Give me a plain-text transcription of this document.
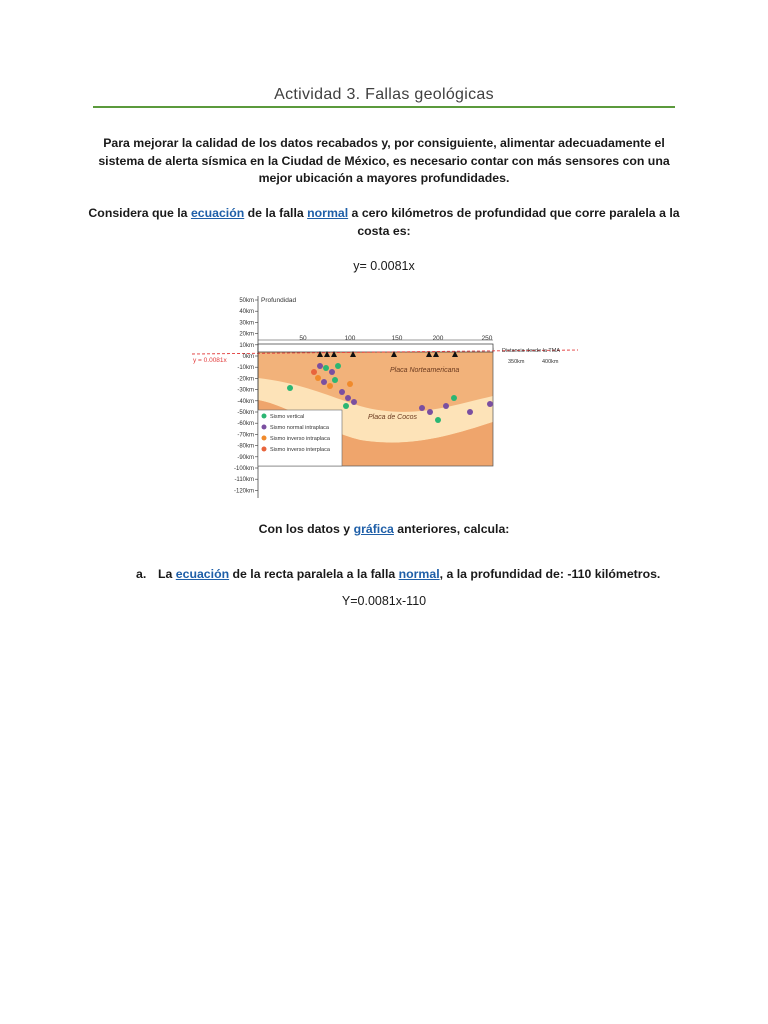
Actividad 3. Fallas geológicas
Para mejorar la calidad de los datos recabados y, por consiguiente, alimentar adecuadamente el sistema de alerta sísmica en la Ciudad de México, es necesario contar con más sensores con una mejor ubicación a mayores profundidades.
Considera que la ecuación de la falla normal a cero kilómetros de profundidad que corre paralela a la costa es:
y= 0.0081x
50km
40km
30km
20km
10km
0km
-10km
-20km
-30km
-40km
-50km
-60km
-70km
-80km
-90km
-100km
-110km
-120km
50	100	150	200	250
Placa Norteamericana
Placa de Cocos
y = 0.0081x
Distancia desde la TMA
350km	400km
Profundidad
Sismo vertical
Sismo normal intraplaca
Sismo inverso intraplaca
Sismo inverso interplaca
Con los datos y gráfica anteriores, calcula:
a. La ecuación de la recta paralela a la falla normal, a la profundidad de: -110 kilómetros.
Y=0.0081x-110
